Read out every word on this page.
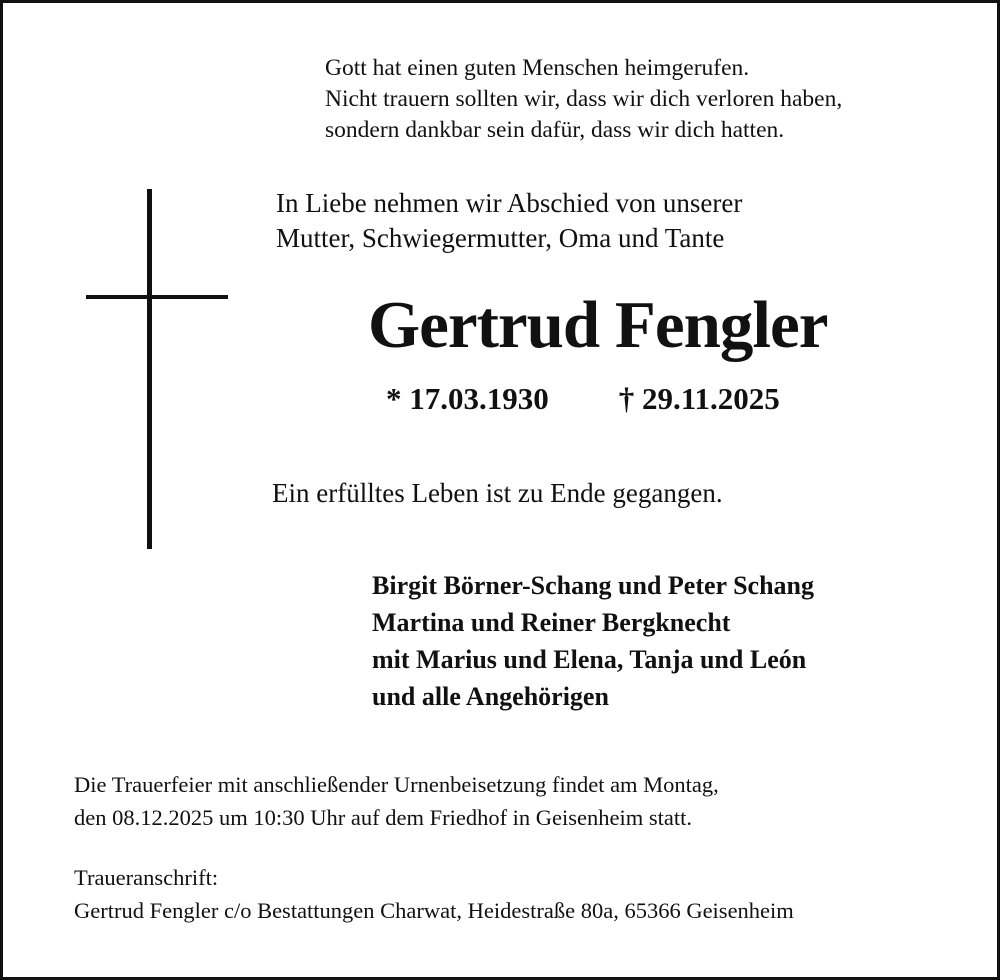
Gott hat einen guten Menschen heimgerufen.
Nicht trauern sollten wir, dass wir dich verloren haben,
sondern dankbar sein dafür, dass wir dich hatten.
In Liebe nehmen wir Abschied von unserer
Mutter, Schwiegermutter, Oma und Tante
Gertrud Fengler
* 17.03.1930 † 29.11.2025
Ein erfülltes Leben ist zu Ende gegangen.
Birgit Börner-Schang und Peter Schang
Martina und Reiner Bergknecht
mit Marius und Elena, Tanja und León
und alle Angehörigen
Die Trauerfeier mit anschließender Urnenbeisetzung findet am Montag,
den 08.12.2025 um 10:30 Uhr auf dem Friedhof in Geisenheim statt.
Traueranschrift:
Gertrud Fengler c/o Bestattungen Charwat, Heidestraße 80a, 65366 Geisenheim
